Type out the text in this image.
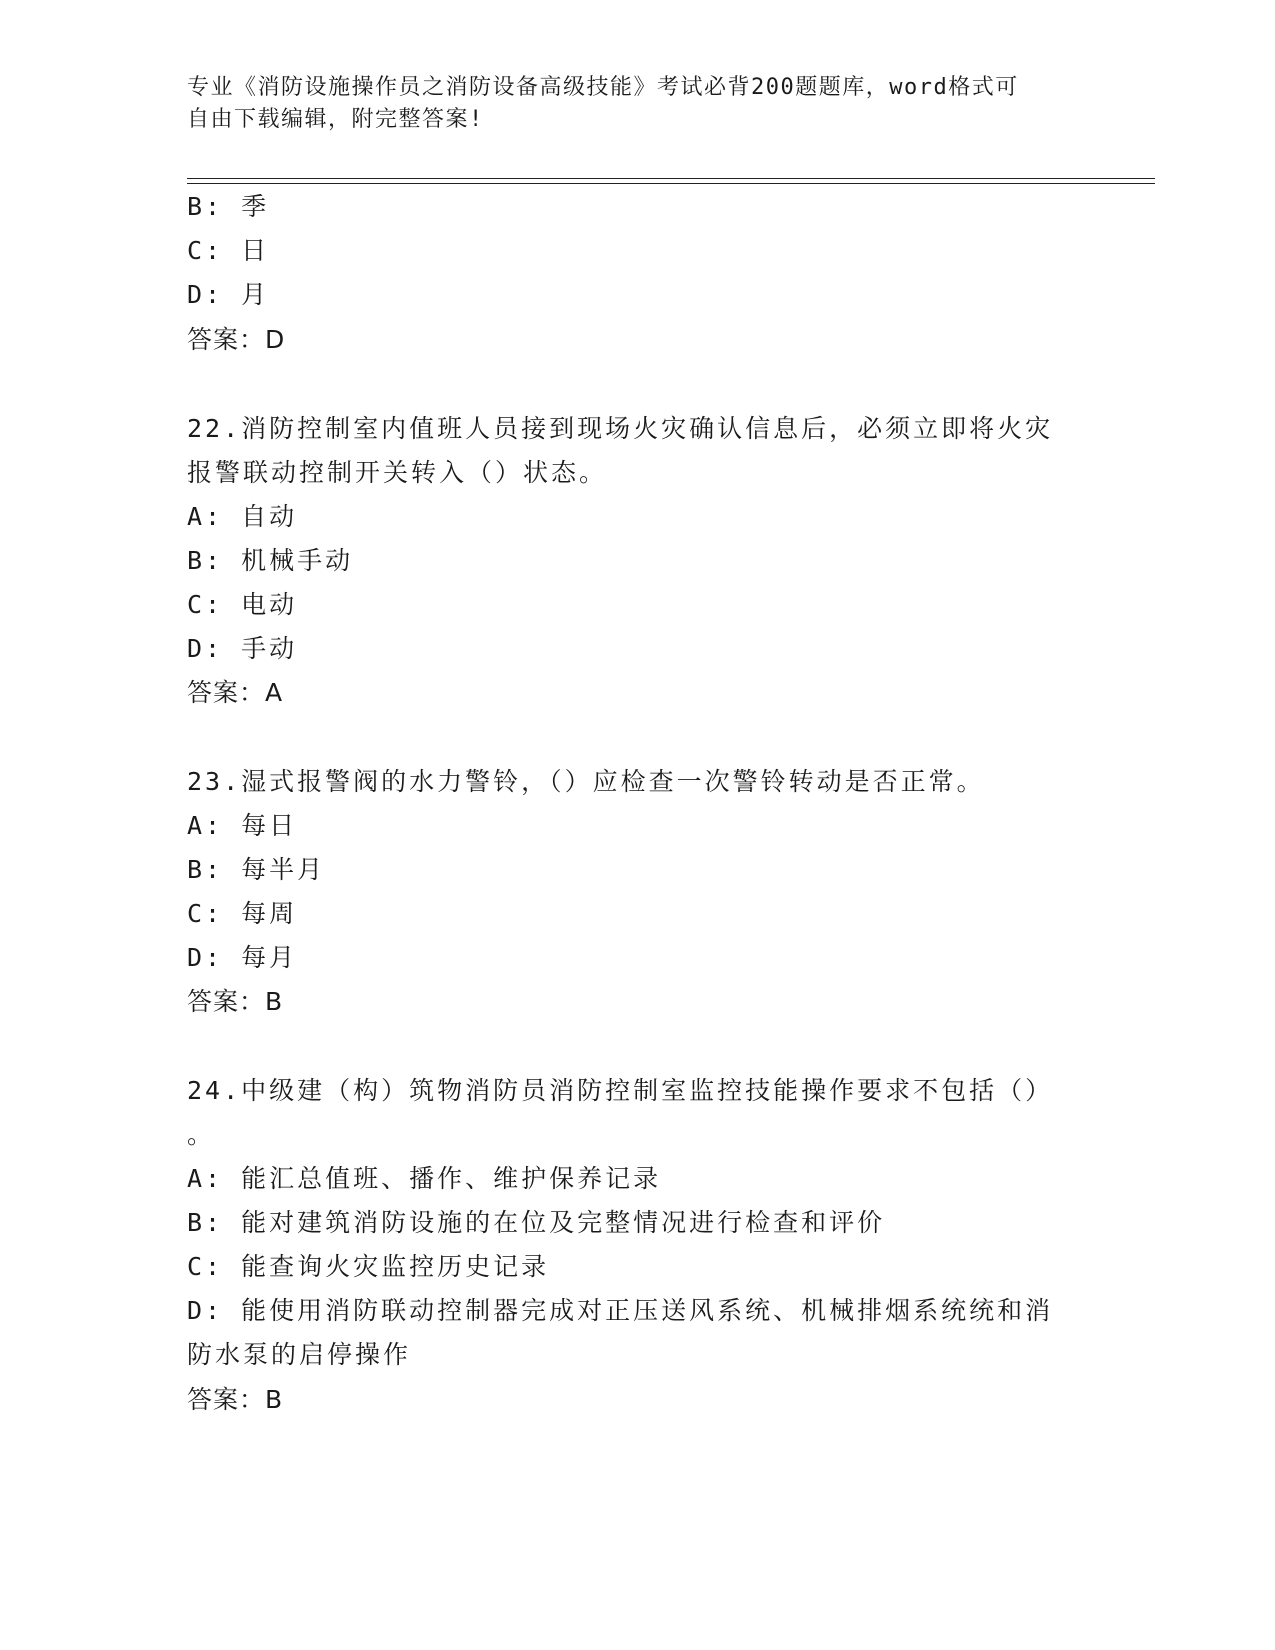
专业《消防设施操作员之消防设备高级技能》考试必背200题题库，word格式可
自由下载编辑，附完整答案!
B: 季
C: 日
D: 月
答案：D
22.消防控制室内值班人员接到现场火灾确认信息后，必须立即将火灾
报警联动控制开关转入（）状态。
A: 自动
B: 机械手动
C: 电动
D: 手动
答案：A
23.湿式报警阀的水力警铃，（）应检查一次警铃转动是否正常。
A: 每日
B: 每半月
C: 每周
D: 每月
答案：B
24.中级建（构）筑物消防员消防控制室监控技能操作要求不包括（）
。
A: 能汇总值班、播作、维护保养记录
B: 能对建筑消防设施的在位及完整情况进行检查和评价
C: 能查询火灾监控历史记录
D: 能使用消防联动控制器完成对正压送风系统、机械排烟系统统和消
防水泵的启停操作
答案：B
